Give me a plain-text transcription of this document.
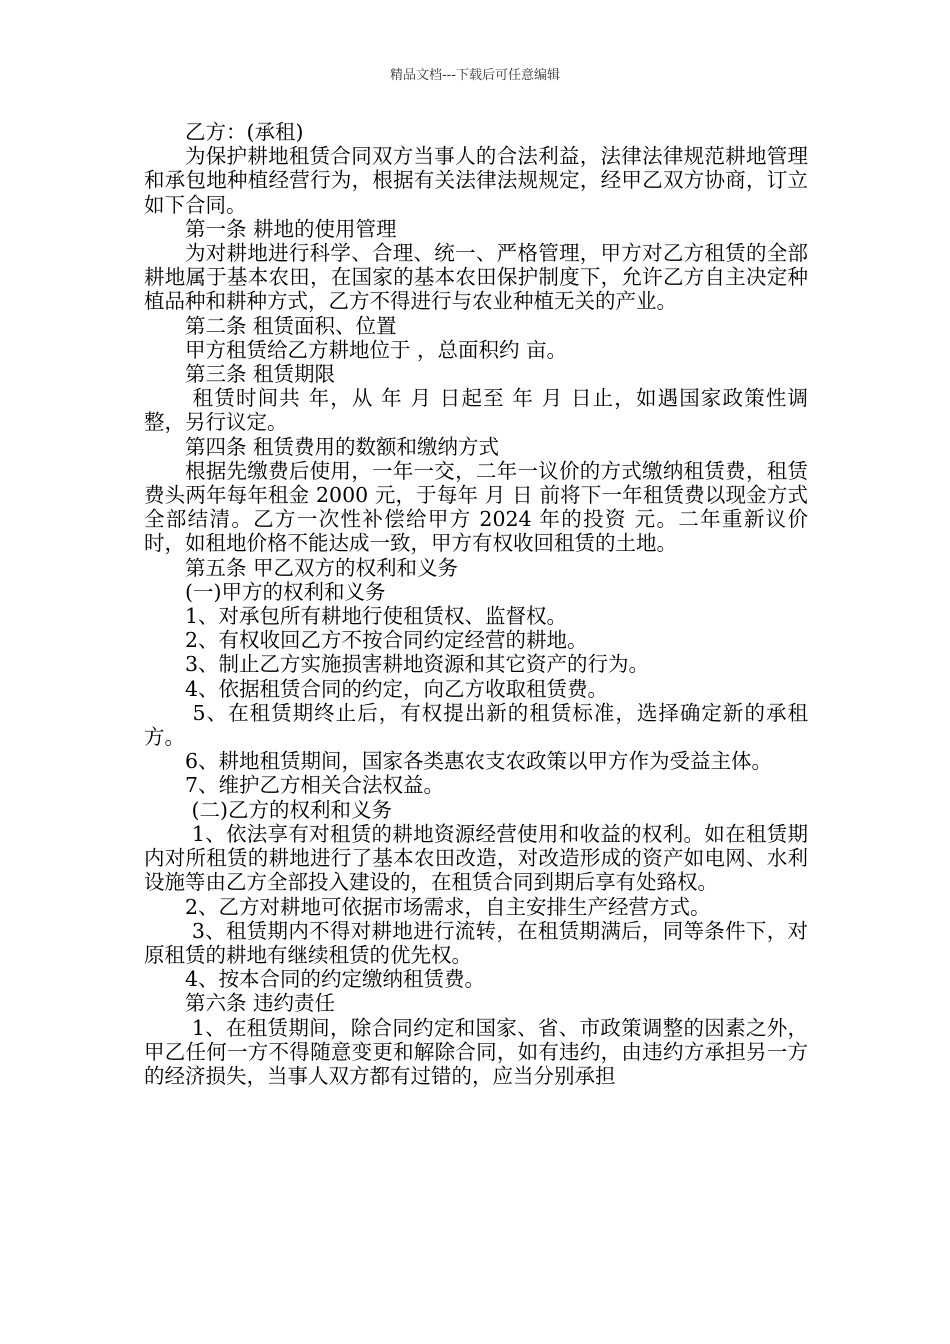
精品文档---下载后可任意编辑

乙方：(承租)

为保护耕地租赁合同双方当事人的合法利益，法律法律规范耕地管理和承包地种植经营行为，根据有关法律法规规定，经甲乙双方协商，订立如下合同。

第一条 耕地的使用管理

为对耕地进行科学、合理、统一、严格管理，甲方对乙方租赁的全部耕地属于基本农田，在国家的基本农田保护制度下，允许乙方自主决定种植品种和耕种方式，乙方不得进行与农业种植无关的产业。

第二条 租赁面积、位置

甲方租赁给乙方耕地位于 ，总面积约 亩。

第三条 租赁期限

租赁时间共 年，从 年 月 日起至 年 月 日止，如遇国家政策性调整，另行议定。

第四条 租赁费用的数额和缴纳方式

根据先缴费后使用，一年一交，二年一议价的方式缴纳租赁费，租赁费头两年每年租金 2000 元，于每年 月 日 前将下一年租赁费以现金方式全部结清。乙方一次性补偿给甲方 2024 年的投资 元。二年重新议价时，如租地价格不能达成一致，甲方有权收回租赁的土地。

第五条 甲乙双方的权利和义务

(一)甲方的权利和义务

1、对承包所有耕地行使租赁权、监督权。

2、有权收回乙方不按合同约定经营的耕地。

3、制止乙方实施损害耕地资源和其它资产的行为。

4、依据租赁合同的约定，向乙方收取租赁费。

5、在租赁期终止后，有权提出新的租赁标准，选择确定新的承租方。

6、耕地租赁期间，国家各类惠农支农政策以甲方作为受益主体。

7、维护乙方相关合法权益。

(二)乙方的权利和义务

1、依法享有对租赁的耕地资源经营使用和收益的权利。如在租赁期内对所租赁的耕地进行了基本农田改造，对改造形成的资产如电网、水利设施等由乙方全部投入建设的，在租赁合同到期后享有处臵权。

2、乙方对耕地可依据市场需求，自主安排生产经营方式。

3、租赁期内不得对耕地进行流转，在租赁期满后，同等条件下，对原租赁的耕地有继续租赁的优先权。

4、按本合同的约定缴纳租赁费。

第六条 违约责任

1、在租赁期间，除合同约定和国家、省、市政策调整的因素之外，甲乙任何一方不得随意变更和解除合同，如有违约，由违约方承担另一方的经济损失，当事人双方都有过错的，应当分别承担
